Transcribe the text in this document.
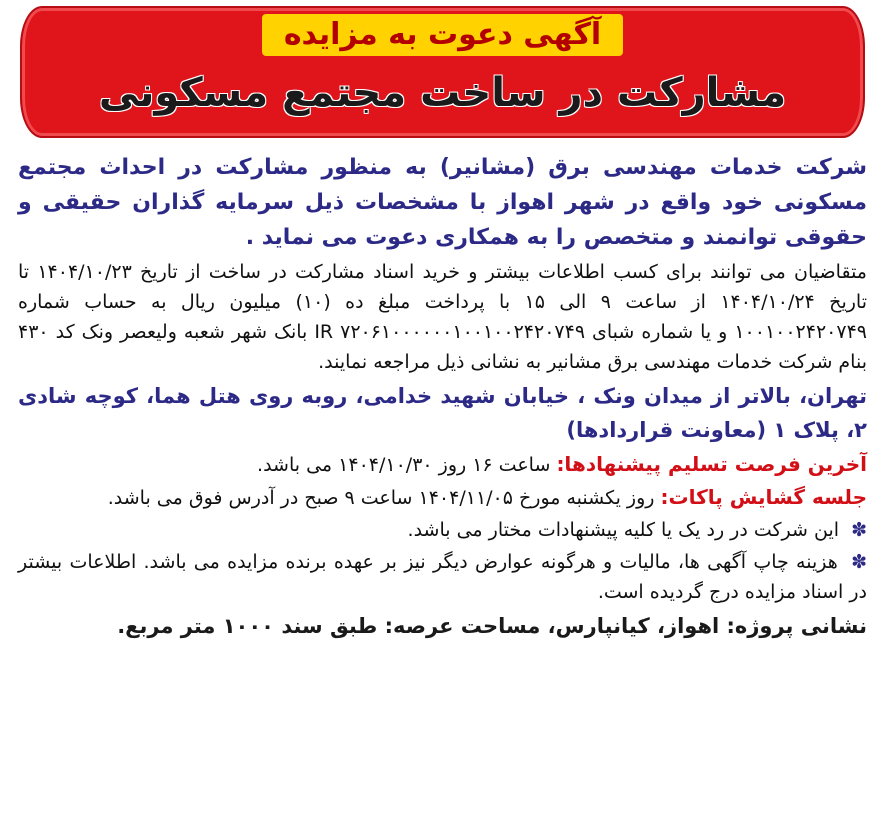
آگهی دعوت به مزایده
مشارکت در ساخت مجتمع مسکونی

شرکت خدمات مهندسی برق (مشانیر) به منظور مشارکت در احداث مجتمع مسکونی خود واقع در شهر اهواز با مشخصات ذیل سرمایه گذاران حقیقی و حقوقی توانمند و متخصص را به همکاری دعوت می نماید .

متقاضیان می توانند برای کسب اطلاعات بیشتر و خرید اسناد مشارکت در ساخت از تاریخ ۱۴۰۴/۱۰/۲۳ تا تاریخ ۱۴۰۴/۱۰/۲۴ از ساعت ۹ الی ۱۵ با پرداخت مبلغ ده (۱۰) میلیون ریال به حساب شماره ۱۰۰۱۰۰۲۴۲۰۷۴۹ و یا شماره شبای IR ۷۲۰۶۱۰۰۰۰۰۰۱۰۰۱۰۰۲۴۲۰۷۴۹ بانک شهر شعبه ولیعصر ونک کد ۴۳۰ بنام شرکت خدمات مهندسی برق مشانیر به نشانی ذیل مراجعه نمایند.

تهران، بالاتر از میدان ونک ، خیابان شهید خدامی، روبه روی هتل هما، کوچه شادی ۲، پلاک ۱ (معاونت قراردادها)

آخرین فرصت تسلیم پیشنهادها: ساعت ۱۶ روز ۱۴۰۴/۱۰/۳۰ می باشد.

جلسه گشایش پاکات: روز یکشنبه مورخ ۱۴۰۴/۱۱/۰۵ ساعت ۹ صبح در آدرس فوق می باشد.

✽ این شرکت در رد یک یا کلیه پیشنهادات مختار می باشد.

✽ هزینه چاپ آگهی ها، مالیات و هرگونه عوارض دیگر نیز بر عهده برنده مزایده می باشد. اطلاعات بیشتر در اسناد مزایده درج گردیده است.

نشانی پروژه: اهواز، کیانپارس، مساحت عرصه: طبق سند ۱۰۰۰ متر مربع.
